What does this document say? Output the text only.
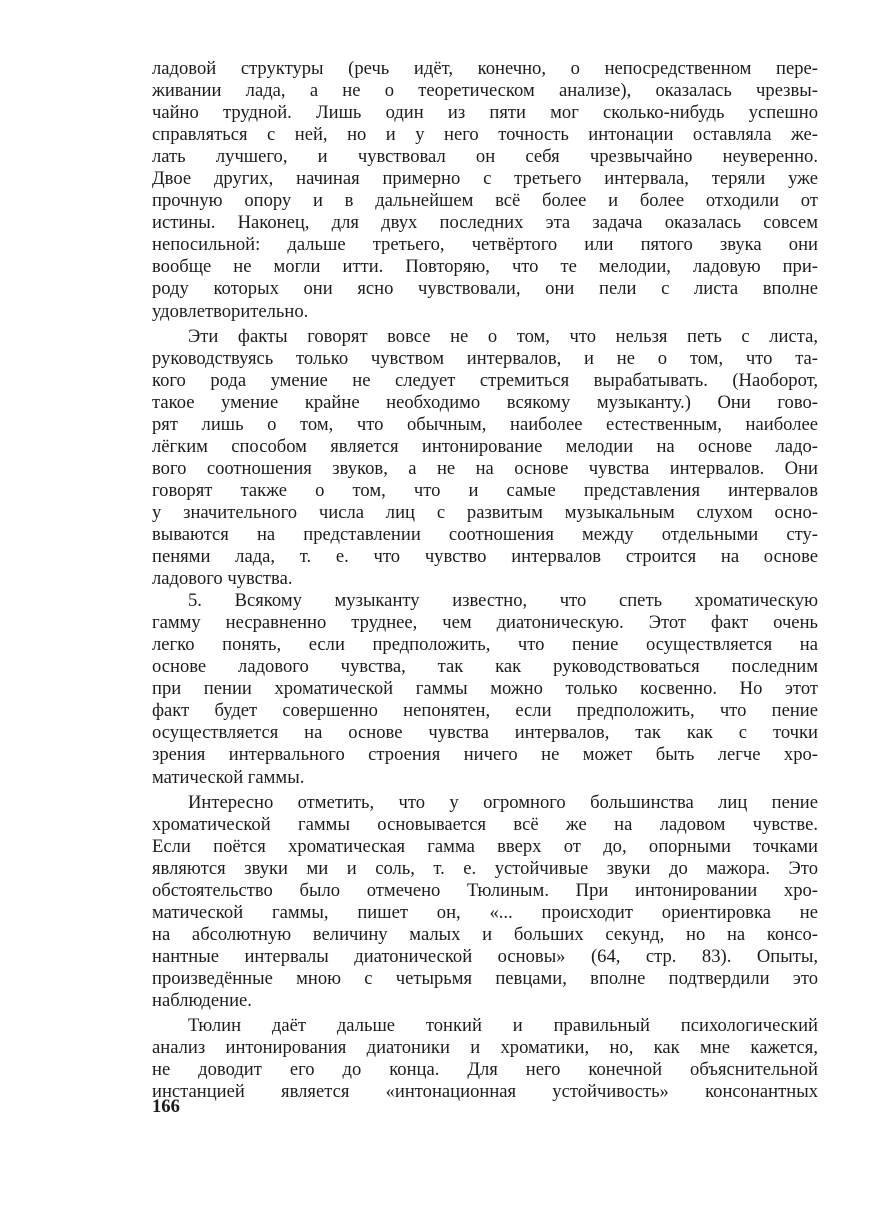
ладовой структуры (речь идёт, конечно, о непосредственном пере-
живании лада, а не о теоретическом анализе), оказалась чрезвы-
чайно трудной. Лишь один из пяти мог сколько-нибудь успешно
справляться с ней, но и у него точность интонации оставляла же-
лать лучшего, и чувствовал он себя чрезвычайно неуверенно.
Двое других, начиная примерно с третьего интервала, теряли уже
прочную опору и в дальнейшем всё более и более отходили от
истины. Наконец, для двух последних эта задача оказалась совсем
непосильной: дальше третьего, четвёртого или пятого звука они
вообще не могли итти. Повторяю, что те мелодии, ладовую при-
роду которых они ясно чувствовали, они пели с листа вполне
удовлетворительно.

Эти факты говорят вовсе не о том, что нельзя петь с листа,
руководствуясь только чувством интервалов, и не о том, что та-
кого рода умение не следует стремиться вырабатывать. (Наоборот,
такое умение крайне необходимо всякому музыканту.) Они гово-
рят лишь о том, что обычным, наиболее естественным, наиболее
лёгким способом является интонирование мелодии на основе ладо-
вого соотношения звуков, а не на основе чувства интервалов. Они
говорят также о том, что и самые представления интервалов
у значительного числа лиц с развитым музыкальным слухом осно-
вываются на представлении соотношения между отдельными сту-
пенями лада, т. е. что чувство интервалов строится на основе
ладового чувства.

5. Всякому музыканту известно, что спеть хроматическую
гамму несравненно труднее, чем диатоническую. Этот факт очень
легко понять, если предположить, что пение осуществляется на
основе ладового чувства, так как руководствоваться последним
при пении хроматической гаммы можно только косвенно. Но этот
факт будет совершенно непонятен, если предположить, что пение
осуществляется на основе чувства интервалов, так как с точки
зрения интервального строения ничего не может быть легче хро-
матической гаммы.

Интересно отметить, что у огромного большинства лиц пение
хроматической гаммы основывается всё же на ладовом чувстве.
Если поётся хроматическая гамма вверх от до, опорными точками
являются звуки ми и соль, т. е. устойчивые звуки до мажора. Это
обстоятельство было отмечено Тюлиным. При интонировании хро-
матической гаммы, пишет он, «... происходит ориентировка не
на абсолютную величину малых и больших секунд, но на консо-
нантные интервалы диатонической основы» (64, стр. 83). Опыты,
произведённые мною с четырьмя певцами, вполне подтвердили это
наблюдение.

Тюлин даёт дальше тонкий и правильный психологический
анализ интонирования диатоники и хроматики, но, как мне кажется,
не доводит его до конца. Для него конечной объяснительной
инстанцией является «интонационная устойчивость» консонантных

166
